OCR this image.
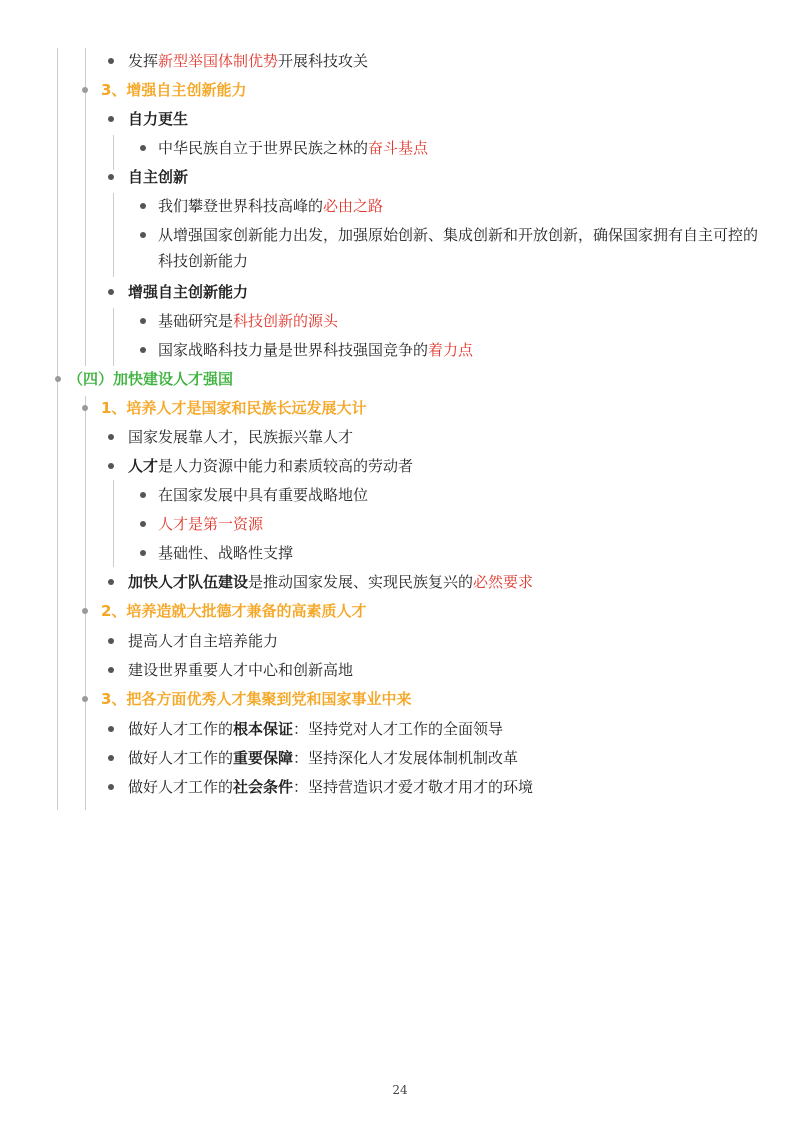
发挥新型举国体制优势开展科技攻关
3、增强自主创新能力
自力更生
中华民族自立于世界民族之林的奋斗基点
自主创新
我们攀登世界科技高峰的必由之路
从增强国家创新能力出发，加强原始创新、集成创新和开放创新，确保国家拥有自主可控的科技创新能力
增强自主创新能力
基础研究是科技创新的源头
国家战略科技力量是世界科技强国竞争的着力点
（四）加快建设人才强国
1、培养人才是国家和民族长远发展大计
国家发展靠人才，民族振兴靠人才
人才是人力资源中能力和素质较高的劳动者
在国家发展中具有重要战略地位
人才是第一资源
基础性、战略性支撑
加快人才队伍建设是推动国家发展、实现民族复兴的必然要求
2、培养造就大批德才兼备的高素质人才
提高人才自主培养能力
建设世界重要人才中心和创新高地
3、把各方面优秀人才集聚到党和国家事业中来
做好人才工作的根本保证：坚持党对人才工作的全面领导
做好人才工作的重要保障：坚持深化人才发展体制机制改革
做好人才工作的社会条件：坚持营造识才爱才敬才用才的环境
24
